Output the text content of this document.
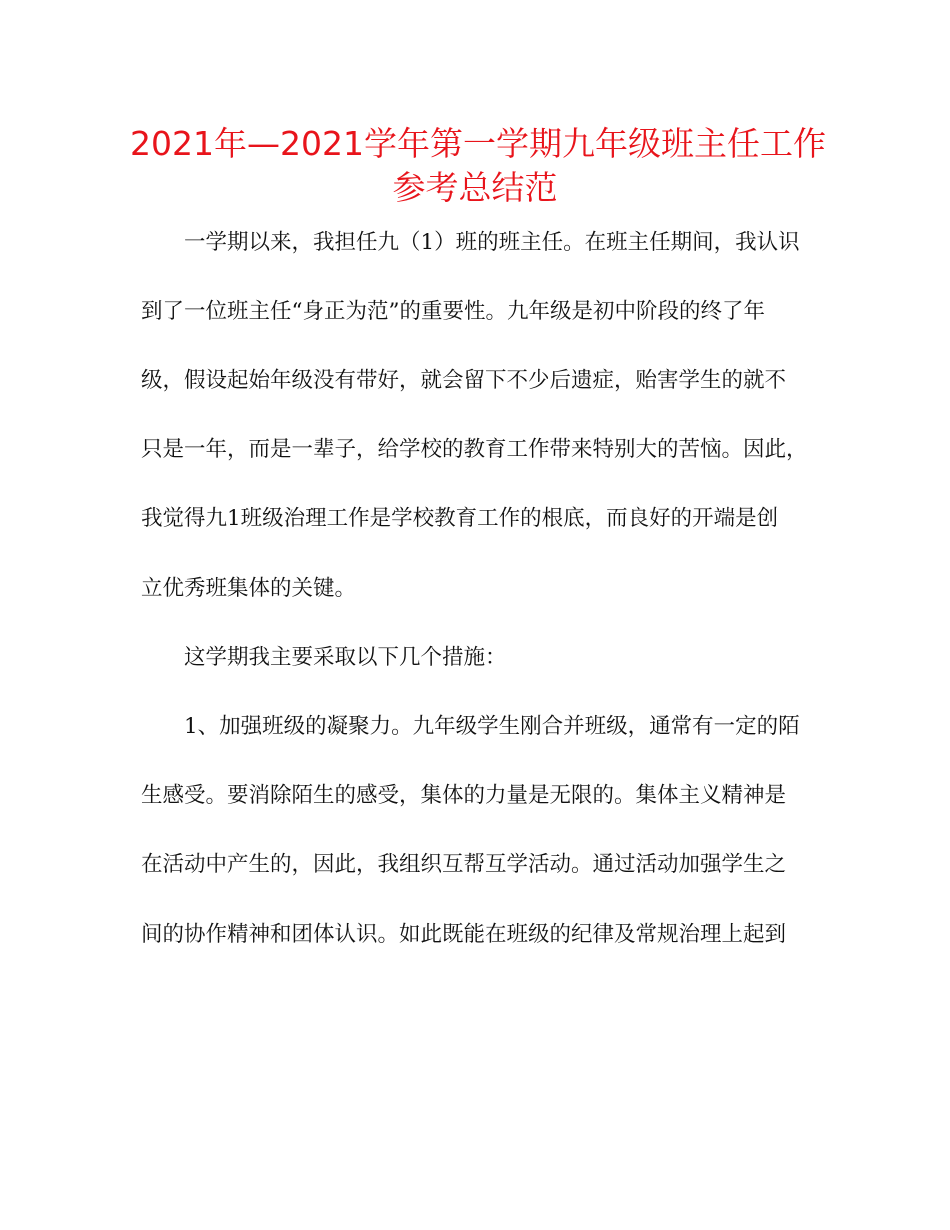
2021年—2021学年第一学期九年级班主任工作
参考总结范

一学期以来，我担任九（1）班的班主任。在班主任期间，我认识

到了一位班主任“身正为范”的重要性。九年级是初中阶段的终了年

级，假设起始年级没有带好，就会留下不少后遗症，贻害学生的就不

只是一年，而是一辈子，给学校的教育工作带来特别大的苦恼。因此，

我觉得九1班级治理工作是学校教育工作的根底，而良好的开端是创

立优秀班集体的关键。

这学期我主要采取以下几个措施：

1、加强班级的凝聚力。九年级学生刚合并班级，通常有一定的陌

生感受。要消除陌生的感受，集体的力量是无限的。集体主义精神是

在活动中产生的，因此，我组织互帮互学活动。通过活动加强学生之

间的协作精神和团体认识。如此既能在班级的纪律及常规治理上起到
